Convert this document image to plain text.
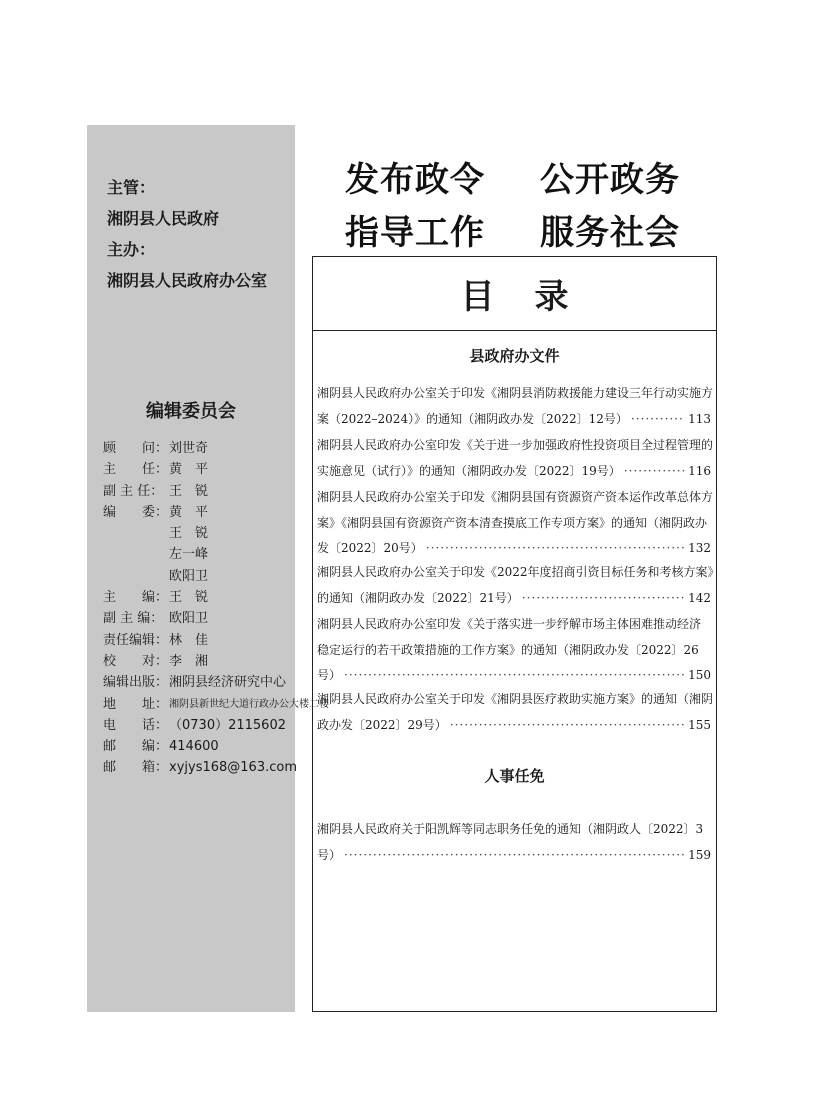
主管：
湘阴县人民政府
主办：
湘阴县人民政府办公室
编辑委员会
顾　　问： 刘世奇
主　　任： 黄　平
副 主 任： 王　锐
编　　委： 黄　平
王　锐
左一峰
欧阳卫
主　　编： 王　锐
副 主 编： 欧阳卫
责任编辑： 林　佳
校　　对： 李　湘
编辑出版： 湘阴县经济研究中心
地　　址： 湘阴县新世纪大道行政办公大楼二楼
电　　话： （0730）2115602
邮　　编： 414600
邮　　箱： xyjys168@163.com
发布政令 公开政务
指导工作 服务社会
目录
县政府办文件
湘阴县人民政府办公室关于印发《湘阴县消防救援能力建设三年行动实施方
案（2022–2024）》的通知（湘阴政办发〔2022〕12号） ·····	113
湘阴县人民政府办公室印发《关于进一步加强政府性投资项目全过程管理的
实施意见（试行）》的通知（湘阴政办发〔2022〕19号） ·····	116
湘阴县人民政府办公室关于印发《湘阴县国有资源资产资本运作改革总体方
案》《湘阴县国有资源资产资本清查摸底工作专项方案》的通知（湘阴政办
发〔2022〕20号） ·····	132
湘阴县人民政府办公室关于印发《2022年度招商引资目标任务和考核方案》
的通知（湘阴政办发〔2022〕21号） ·····	142
湘阴县人民政府办公室印发《关于落实进一步纾解市场主体困难推动经济
稳定运行的若干政策措施的工作方案》的通知（湘阴政办发〔2022〕26
号） ·····	150
湘阴县人民政府办公室关于印发《湘阴县医疗救助实施方案》的通知（湘阴
政办发〔2022〕29号） ·····	155
人事任免
湘阴县人民政府关于阳凯辉等同志职务任免的通知（湘阴政人〔2022〕3
号） ·····	159
